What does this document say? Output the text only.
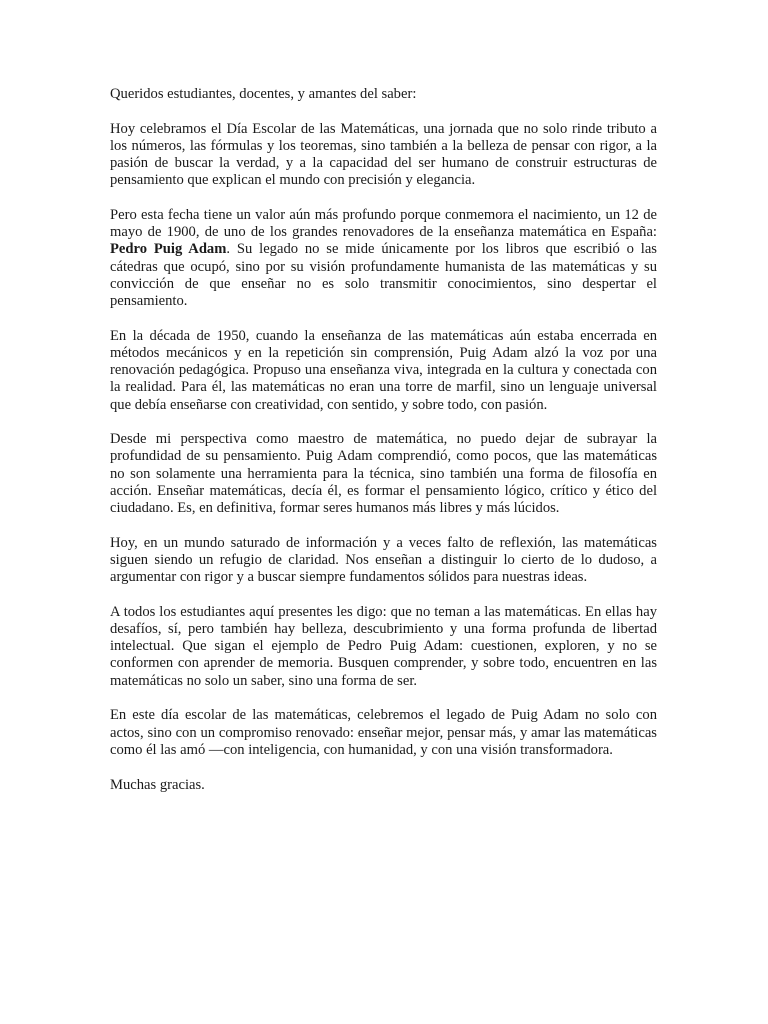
Queridos estudiantes, docentes, y amantes del saber:

Hoy celebramos el Día Escolar de las Matemáticas, una jornada que no solo rinde tributo a los números, las fórmulas y los teoremas, sino también a la belleza de pensar con rigor, a la pasión de buscar la verdad, y a la capacidad del ser humano de construir estructuras de pensamiento que explican el mundo con precisión y elegancia.

Pero esta fecha tiene un valor aún más profundo porque conmemora el nacimiento, un 12 de mayo de 1900, de uno de los grandes renovadores de la enseñanza matemática en España: Pedro Puig Adam. Su legado no se mide únicamente por los libros que escribió o las cátedras que ocupó, sino por su visión profundamente humanista de las matemáticas y su convicción de que enseñar no es solo transmitir conocimientos, sino despertar el pensamiento.

En la década de 1950, cuando la enseñanza de las matemáticas aún estaba encerrada en métodos mecánicos y en la repetición sin comprensión, Puig Adam alzó la voz por una renovación pedagógica. Propuso una enseñanza viva, integrada en la cultura y conectada con la realidad. Para él, las matemáticas no eran una torre de marfil, sino un lenguaje universal que debía enseñarse con creatividad, con sentido, y sobre todo, con pasión.

Desde mi perspectiva como maestro de matemática, no puedo dejar de subrayar la profundidad de su pensamiento. Puig Adam comprendió, como pocos, que las matemáticas no son solamente una herramienta para la técnica, sino también una forma de filosofía en acción. Enseñar matemáticas, decía él, es formar el pensamiento lógico, crítico y ético del ciudadano. Es, en definitiva, formar seres humanos más libres y más lúcidos.

Hoy, en un mundo saturado de información y a veces falto de reflexión, las matemáticas siguen siendo un refugio de claridad. Nos enseñan a distinguir lo cierto de lo dudoso, a argumentar con rigor y a buscar siempre fundamentos sólidos para nuestras ideas.

A todos los estudiantes aquí presentes les digo: que no teman a las matemáticas. En ellas hay desafíos, sí, pero también hay belleza, descubrimiento y una forma profunda de libertad intelectual. Que sigan el ejemplo de Pedro Puig Adam: cuestionen, exploren, y no se conformen con aprender de memoria. Busquen comprender, y sobre todo, encuentren en las matemáticas no solo un saber, sino una forma de ser.

En este día escolar de las matemáticas, celebremos el legado de Puig Adam no solo con actos, sino con un compromiso renovado: enseñar mejor, pensar más, y amar las matemáticas como él las amó —con inteligencia, con humanidad, y con una visión transformadora.

Muchas gracias.
